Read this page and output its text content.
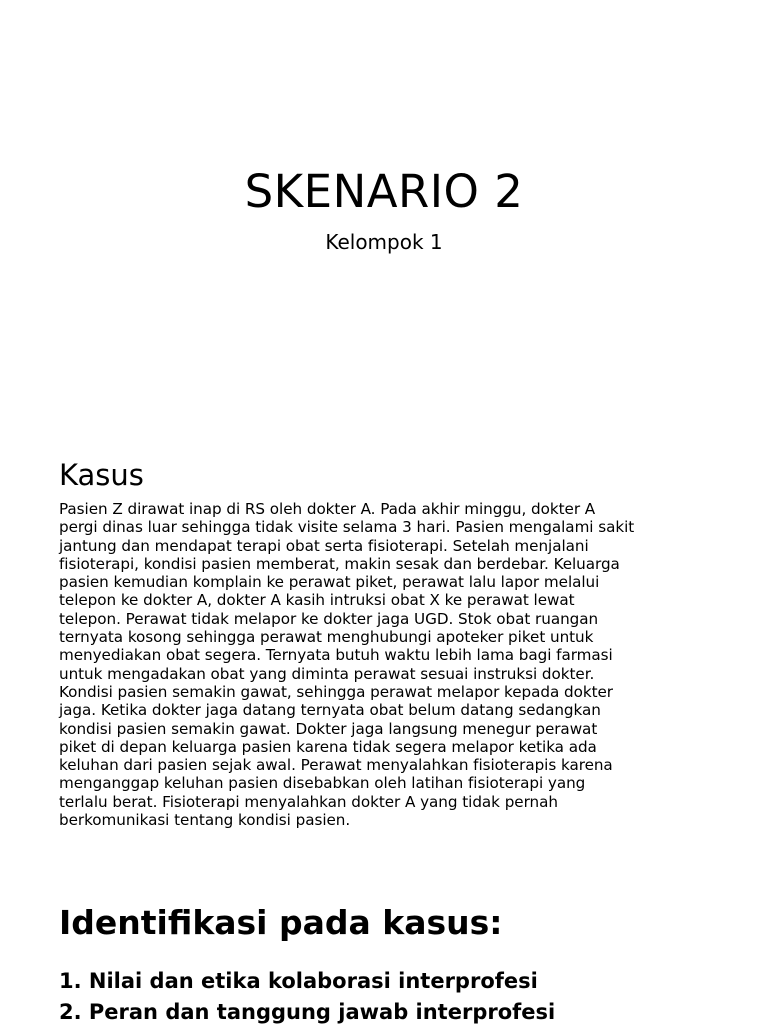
SKENARIO 2

Kelompok 1

Kasus

Pasien Z dirawat inap di RS oleh dokter A. Pada akhir minggu, dokter A
pergi dinas luar sehingga tidak visite selama 3 hari. Pasien mengalami sakit
jantung dan mendapat terapi obat serta fisioterapi. Setelah menjalani
fisioterapi, kondisi pasien memberat, makin sesak dan berdebar. Keluarga
pasien kemudian komplain ke perawat piket, perawat lalu lapor melalui
telepon ke dokter A, dokter A kasih intruksi obat X ke perawat lewat
telepon. Perawat tidak melapor ke dokter jaga UGD. Stok obat ruangan
ternyata kosong sehingga perawat menghubungi apoteker piket untuk
menyediakan obat segera. Ternyata butuh waktu lebih lama bagi farmasi
untuk mengadakan obat yang diminta perawat sesuai instruksi dokter.
Kondisi pasien semakin gawat, sehingga perawat melapor kepada dokter
jaga. Ketika dokter jaga datang ternyata obat belum datang sedangkan
kondisi pasien semakin gawat. Dokter jaga langsung menegur perawat
piket di depan keluarga pasien karena tidak segera melapor ketika ada
keluhan dari pasien sejak awal. Perawat menyalahkan fisioterapis karena
menganggap keluhan pasien disebabkan oleh latihan fisioterapi yang
terlalu berat. Fisioterapi menyalahkan dokter A yang tidak pernah
berkomunikasi tentang kondisi pasien.

Identifikasi pada kasus:
1. Nilai dan etika kolaborasi interprofesi
2. Peran dan tanggung jawab interprofesi
